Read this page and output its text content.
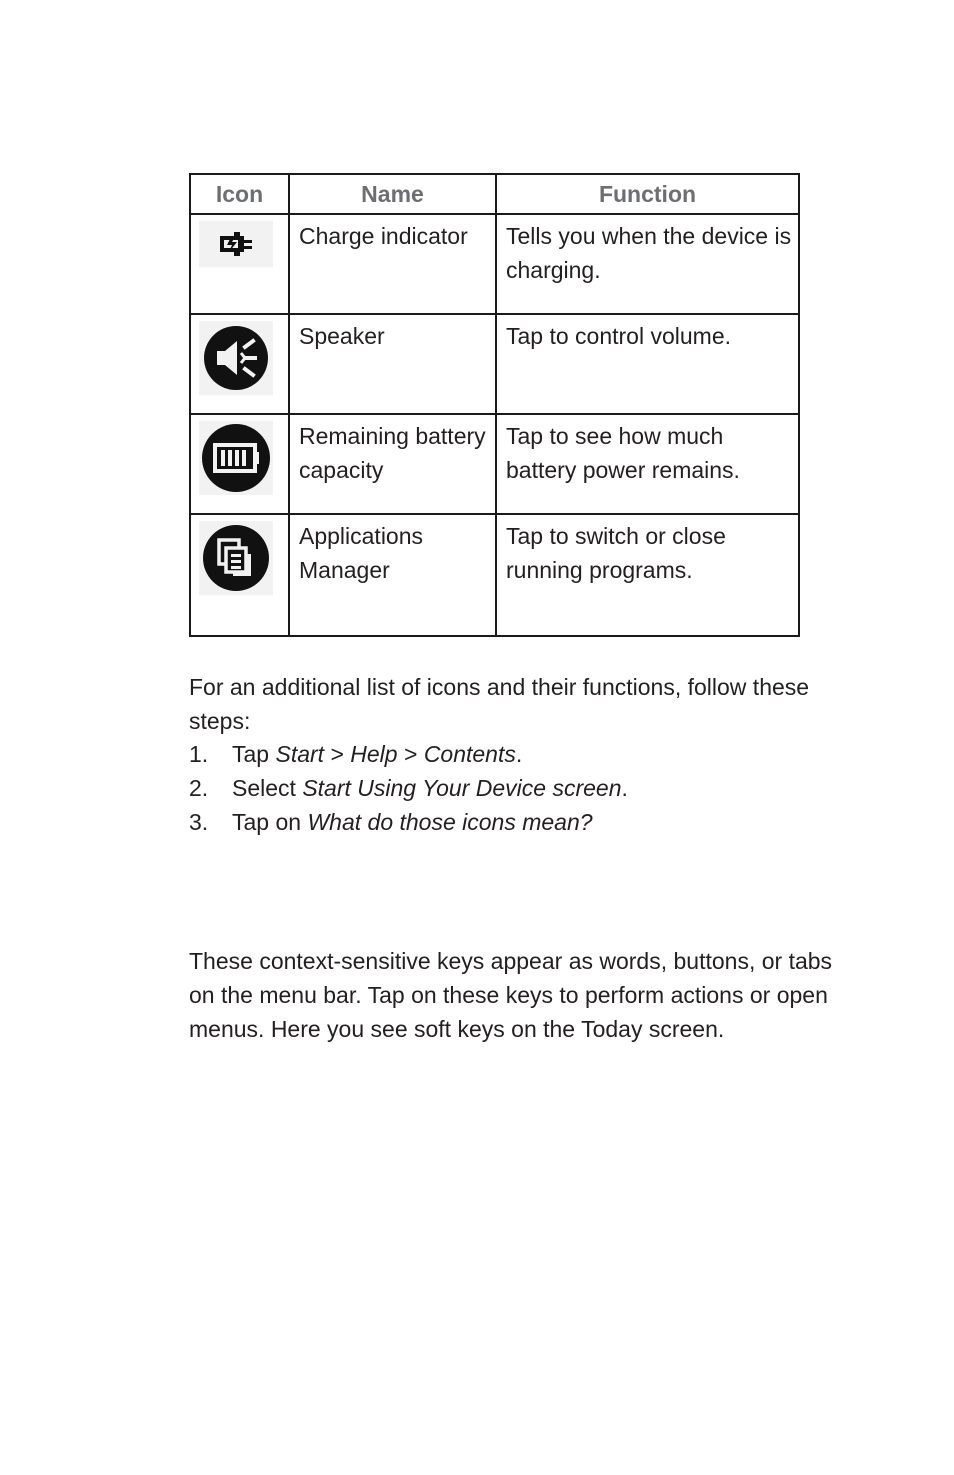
Icon	Name	Function

	Charge indicator	Tells you when the device is charging.

	Speaker	Tap to control volume.

	Remaining battery capacity	Tap to see how much battery power remains.

	Applications Manager	Tap to switch or close running programs.

For an additional list of icons and their functions, follow these steps:

1.	Tap Start > Help > Contents.
2.	Select Start Using Your Device screen.
3.	Tap on What do those icons mean?

These context-sensitive keys appear as words, buttons, or tabs on the menu bar. Tap on these keys to perform actions or open menus. Here you see soft keys on the Today screen.
